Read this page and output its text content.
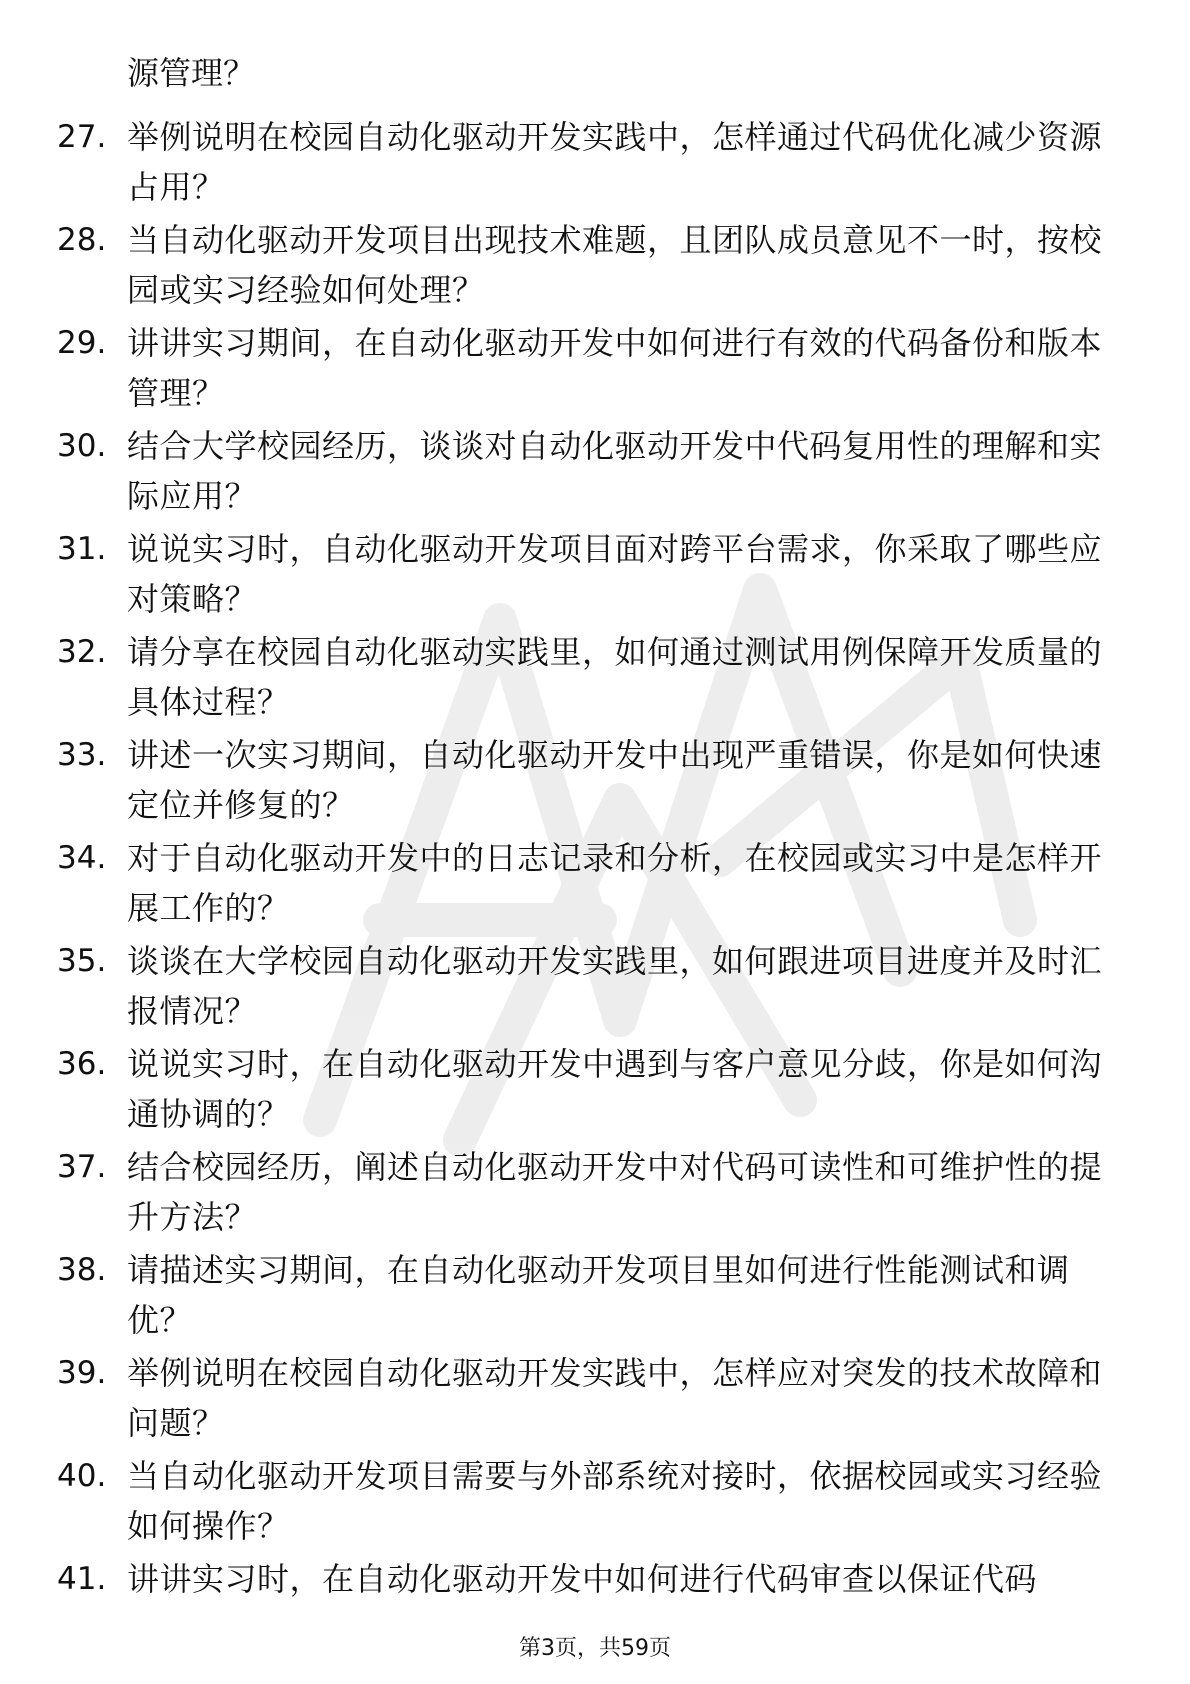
源管理？
27. 举例说明在校园自动化驱动开发实践中，怎样通过代码优化减少资源占用？
28. 当自动化驱动开发项目出现技术难题，且团队成员意见不一时，按校园或实习经验如何处理？
29. 讲讲实习期间，在自动化驱动开发中如何进行有效的代码备份和版本管理？
30. 结合大学校园经历，谈谈对自动化驱动开发中代码复用性的理解和实际应用？
31. 说说实习时，自动化驱动开发项目面对跨平台需求，你采取了哪些应对策略？
32. 请分享在校园自动化驱动实践里，如何通过测试用例保障开发质量的具体过程？
33. 讲述一次实习期间，自动化驱动开发中出现严重错误，你是如何快速定位并修复的？
34. 对于自动化驱动开发中的日志记录和分析，在校园或实习中是怎样开展工作的？
35. 谈谈在大学校园自动化驱动开发实践里，如何跟进项目进度并及时汇报情况？
36. 说说实习时，在自动化驱动开发中遇到与客户意见分歧，你是如何沟通协调的？
37. 结合校园经历，阐述自动化驱动开发中对代码可读性和可维护性的提升方法？
38. 请描述实习期间，在自动化驱动开发项目里如何进行性能测试和调优？
39. 举例说明在校园自动化驱动开发实践中，怎样应对突发的技术故障和问题？
40. 当自动化驱动开发项目需要与外部系统对接时，依据校园或实习经验如何操作？
41. 讲讲实习时，在自动化驱动开发中如何进行代码审查以保证代码
第3页，共59页
